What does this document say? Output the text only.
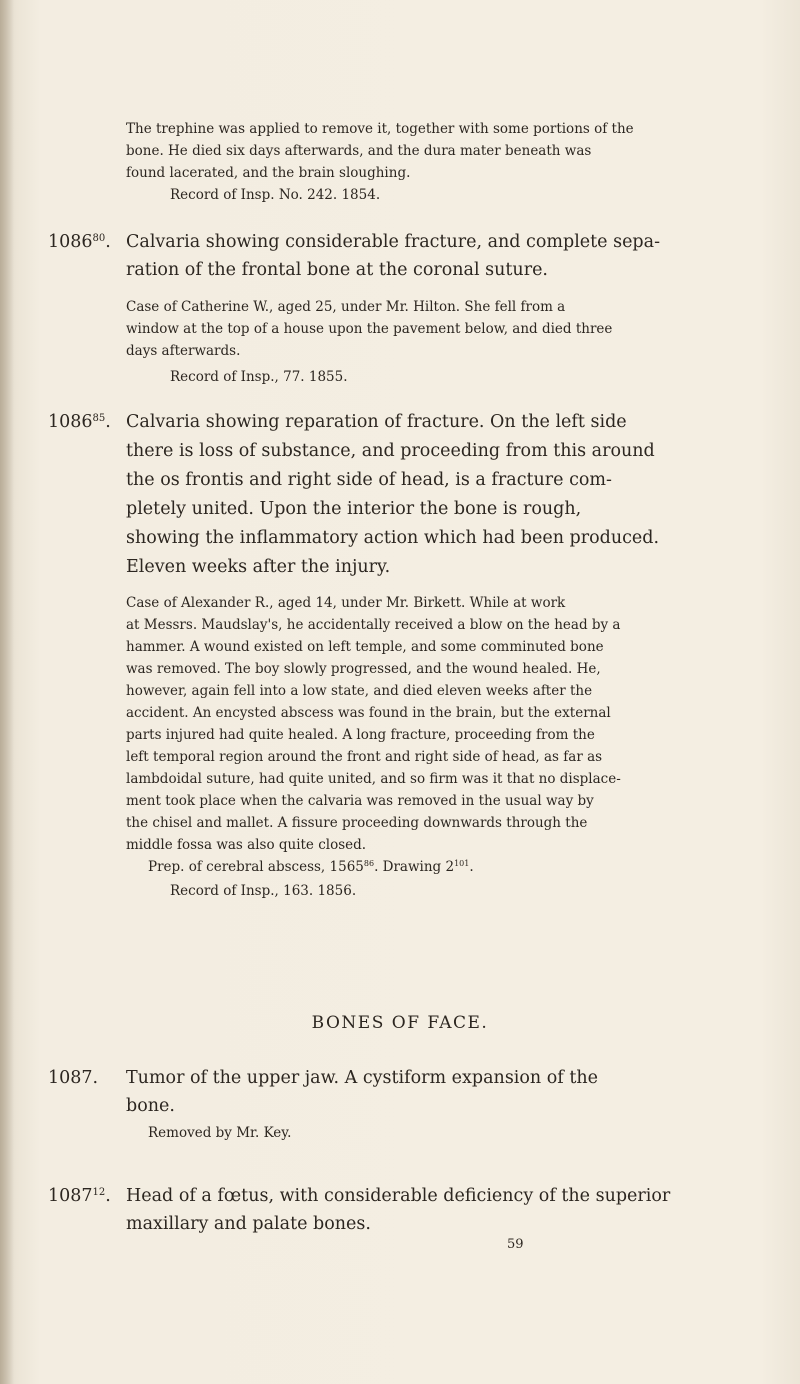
The trephine was applied to remove it, together with some portions of the
bone. He died six days afterwards, and the dura mater beneath was
found lacerated, and the brain sloughing.
Record of Insp. No. 242. 1854.
1086$^{80}$. Calvaria showing considerable fracture, and complete sepa-
ration of the frontal bone at the coronal suture.
Case of Catherine W., aged 25, under Mr. Hilton. She fell from a
window at the top of a house upon the pavement below, and died three
days afterwards.
Record of Insp., 77. 1855.
1086$^{85}$. Calvaria showing reparation of fracture. On the left side
there is loss of substance, and proceeding from this around
the os frontis and right side of head, is a fracture com-
pletely united. Upon the interior the bone is rough,
showing the inflammatory action which had been produced.
Eleven weeks after the injury.
Case of Alexander R., aged 14, under Mr. Birkett. While at work
at Messrs. Maudslay's, he accidentally received a blow on the head by a
hammer. A wound existed on left temple, and some comminuted bone
was removed. The boy slowly progressed, and the wound healed. He,
however, again fell into a low state, and died eleven weeks after the
accident. An encysted abscess was found in the brain, but the external
parts injured had quite healed. A long fracture, proceeding from the
left temporal region around the front and right side of head, as far as
lambdoidal suture, had quite united, and so firm was it that no displace-
ment took place when the calvaria was removed in the usual way by
the chisel and mallet. A fissure proceeding downwards through the
middle fossa was also quite closed.
Prep. of cerebral abscess, 1565$^{86}$. Drawing $2^{101}$.
Record of Insp., 163. 1856.
BONES OF FACE.
1087. Tumor of the upper jaw. A cystiform expansion of the
bone.
Removed by Mr. Key.
1087$^{12}$. Head of a fœtus, with considerable deficiency of the superior
maxillary and palate bones.
59
